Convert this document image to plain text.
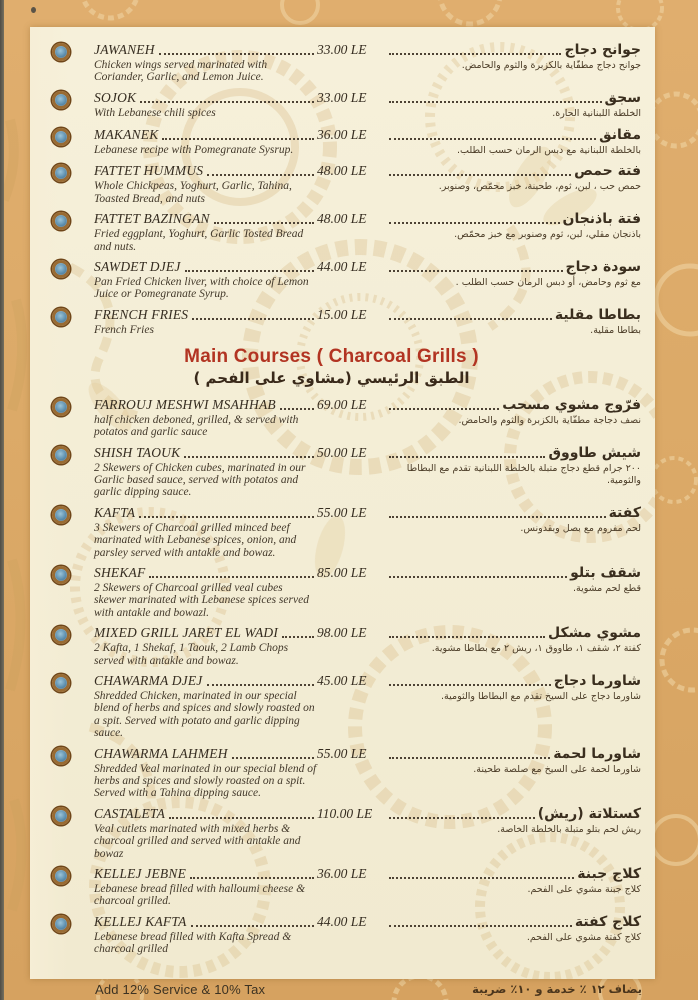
JAWANEH
Chicken wings served marinated with Coriander, Garlic, and Lemon Juice.
33.00 LE	جوانح دجاج
جوانح دجاج مطفّاية بالكزبرة والثوم والحامض.
SOJOK
With Lebanese chili spices
33.00 LE	سجق
الخلطة اللبنانية الحارة.
MAKANEK
Lebanese recipe with Pomegranate Sysrup.
36.00 LE	مقانق
بالخلطة اللبنانية مع دبس الرمان حسب الطلب.
FATTET HUMMUS
Whole Chickpeas, Yoghurt, Garlic, Tahina, Toasted Bread, and nuts
48.00 LE	فتة حمص
حمص حب ، لبن، ثوم، طحينة، خبز محمّص، وصنوبر.
FATTET BAZINGAN
Fried eggplant, Yoghurt, Garlic Tosted Bread and nuts.
48.00 LE	فتة باذنجان
باذنجان مقلي، لبن، ثوم وصنوبر مع خبز محمّص.
SAWDET DJEJ
Pan Fried Chicken liver, with choice of Lemon Juice or Pomegranate Syrup.
44.00 LE	سودة دجاج
مع ثوم وحامض، أو دبس الرمان حسب الطلب .
FRENCH FRIES
French Fries
15.00 LE	بطاطا مقلية
بطاطا مقلية.
Main Courses ( Charcoal Grills )
الطبق الرئيسي (مشاوي على الفحم )
FARROUJ MESHWI MSAHHAB
half chicken deboned, grilled, & served with potatos and garlic sauce
69.00 LE	فرّوج مشوي مسحب
نصف دجاجة مطفّاية بالكزبرة والثوم والحامض.
SHISH TAOUK
2 Skewers of Chicken cubes, marinated in our Garlic based sauce, served with potatos and garlic dipping sauce.
50.00 LE	شيش طاووق
٢٠٠ جرام قطع دجاج متبلة بالخلطة اللبنانية تقدم مع البطاطا والثومية.
KAFTA
3 Skewers of Charcoal grilled minced beef marinated with Lebanese spices, onion, and parsley served with antakle and bowaz.
55.00 LE	كفتة
لحم مفروم مع بصل وبقدونس.
SHEKAF
2 Skewers of Charcoal grilled veal cubes skewer marinated with Lebanese spices served with antakle and bowazl.
85.00 LE	شقف بتلو
قطع لحم مشوية.
MIXED GRILL JARET EL WADI
2 Kafta, 1 Shekaf, 1 Taouk, 2 Lamb Chops served with antakle and bowaz.
98.00 LE	مشوي مشكل
كفتة ٢، شقف ١، طاووق ١، ريش ٢ مع بطاطا مشوية.
CHAWARMA DJEJ
Shredded Chicken, marinated in our special blend of herbs and spices and slowly roasted on a spit. Served with potato and garlic dipping sauce.
45.00 LE	شاورما دجاج
شاورما دجاج على السيخ تقدم مع البطاطا والثومية.
CHAWARMA LAHMEH
Shredded Veal marinated in our special blend of herbs and spices and slowly roasted on a spit. Served with a Tahina dipping sauce.
55.00 LE	شاورما لحمة
شاورما لحمة على السيخ مع صلصة طحينة.
CASTALETA
Veal cutlets marinated with mixed herbs & charcoal grilled and served with antakle and bowaz
110.00 LE	كستلاتة (ريش)
ريش لحم بتلو متبلة بالخلطة الخاصة.
KELLEJ JEBNE
Lebanese bread filled with halloumi cheese & charcoal grilled.
36.00 LE	كلاج جبنة
كلاج جبنة مشوي على الفحم.
KELLEJ KAFTA
Lebanese bread filled with Kafta Spread & charcoal grilled
44.00 LE	كلاج كفتة
كلاج كفتة مشوي على الفحم.
Add 12% Service & 10% Tax	يضاف ١٢ ٪ خدمة و ١٠٪ ضريبة
